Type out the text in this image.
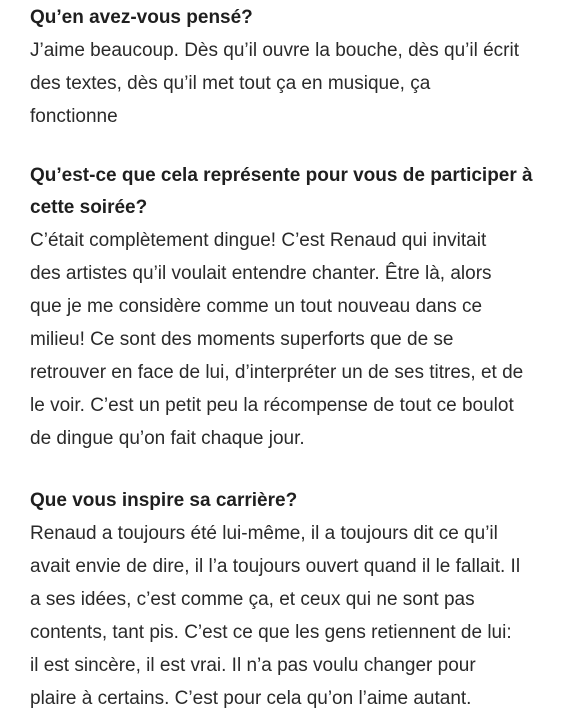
Qu’en avez-vous pensé?

J’aime beaucoup. Dès qu’il ouvre la bouche, dès qu’il écrit
des textes, dès qu’il met tout ça en musique, ça
fonctionne

Qu’est-ce que cela représente pour vous de participer à
cette soirée?

C’était complètement dingue! C’est Renaud qui invitait
des artistes qu’il voulait entendre chanter. Être là, alors
que je me considère comme un tout nouveau dans ce
milieu! Ce sont des moments superforts que de se
retrouver en face de lui, d’interpréter un de ses titres, et de
le voir. C’est un petit peu la récompense de tout ce boulot
de dingue qu’on fait chaque jour.

Que vous inspire sa carrière?

Renaud a toujours été lui-même, il a toujours dit ce qu’il
avait envie de dire, il l’a toujours ouvert quand il le fallait. Il
a ses idées, c’est comme ça, et ceux qui ne sont pas
contents, tant pis. C’est ce que les gens retiennent de lui:
il est sincère, il est vrai. Il n’a pas voulu changer pour
plaire à certains. C’est pour cela qu’on l’aime autant.
